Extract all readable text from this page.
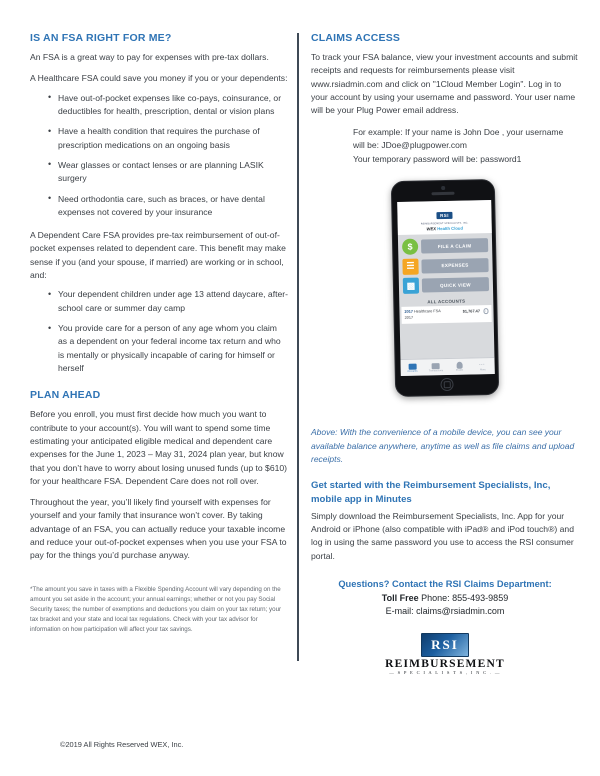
IS AN FSA RIGHT FOR ME?

An FSA is a great way to pay for expenses with pre-tax dollars.

A Healthcare FSA could save you money if you or your dependents:

• Have out-of-pocket expenses like co-pays, coinsurance, or deductibles for health, prescription, dental or vision plans
• Have a health condition that requires the purchase of prescription medications on an ongoing basis
• Wear glasses or contact lenses or are planning LASIK surgery
• Need orthodontia care, such as braces, or have dental expenses not covered by your insurance

A Dependent Care FSA provides pre-tax reimbursement of out-of-pocket expenses related to dependent care. This benefit may make sense if you (and your spouse, if married) are working or in school, and:

• Your dependent children under age 13 attend daycare, after-school care or summer day camp
• You provide care for a person of any age whom you claim as a dependent on your federal income tax return and who is mentally or physically incapable of caring for himself or herself
PLAN AHEAD

Before you enroll, you must first decide how much you want to contribute to your account(s). You will want to spend some time estimating your anticipated eligible medical and dependent care expenses for the June 1, 2023 – May 31, 2024 plan year, but know that you don’t have to worry about losing unused funds (up to $610) for your healthcare FSA. Dependent Care does not roll over.

Throughout the year, you’ll likely find yourself with expenses for yourself and your family that insurance won’t cover. By taking advantage of an FSA, you can actually reduce your taxable income and reduce your out-of-pocket expenses when you use your FSA to pay for the things you’d purchase anyway.

*The amount you save in taxes with a Flexible Spending Account will vary depending on the amount you set aside in the account; your annual earnings; whether or not you pay Social Security taxes; the number of exemptions and deductions you claim on your tax return; your tax bracket and your state and local tax regulations. Check with your tax advisor for information on how participation will affect your tax savings.

CLAIMS ACCESS

To track your FSA balance, view your investment accounts and submit receipts and requests for reimbursements please visit www.rsiadmin.com and click on "1Cloud Member Login". Log in to your account by using your username and password. Your user name will be your Plug Power email address.

For example: If your name is John Doe , your username

will be: JDoe@plugpower.com

Your temporary password will be: password1

RSI
REIMBURSEMENT SPECIALISTS, INC.
WEX Health Cloud
$	FILE A CLAIM
☰	EXPENSES
▩	QUICK VIEW
ALL ACCOUNTS
2017 Healthcare FSA
2017
$1,767.47	›
Accounts	Transactions	Profile
⋯
More

Above: With the convenience of a mobile device, you can see your available balance anywhere, anytime as well as file claims and upload receipts.

Get started with the Reimbursement Specialists, Inc, mobile app in Minutes

Simply download the Reimbursement Specialists, Inc. App for your Android or iPhone (also compatible with iPad® and iPod touch®) and log in using the same password you use to access the RSI consumer portal.

Questions? Contact the RSI Claims Department:
Toll Free Phone: 855-493-9859
E-mail: claims@rsiadmin.com
RSI
REIMBURSEMENT
— S P E C I A L I S T S , I N C . —
©2019 All Rights Reserved WEX, Inc.
